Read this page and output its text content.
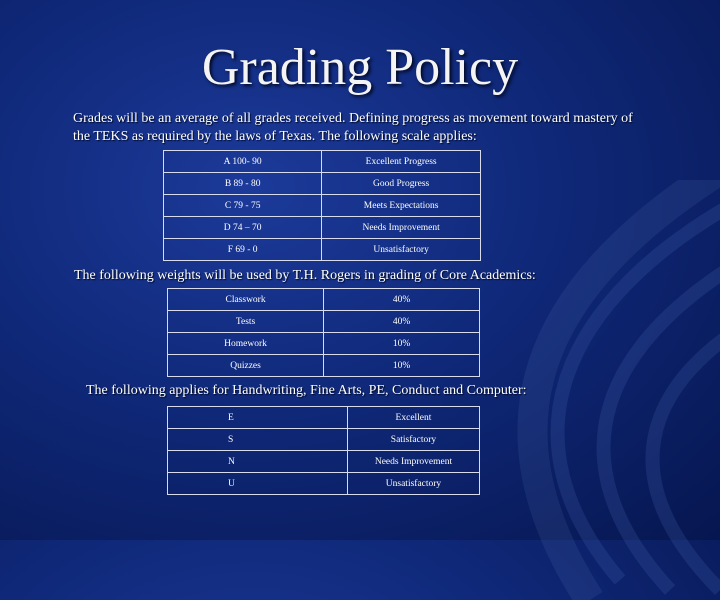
Grading Policy
Grades will be an average of all grades received. Defining progress as movement toward mastery of the TEKS as required by the laws of Texas. The following scale applies:
A 100- 90	Excellent Progress
B 89 - 80	Good Progress
C 79 - 75	Meets Expectations
D 74 – 70	Needs Improvement
F 69 - 0	Unsatisfactory
The following weights will be used by T.H. Rogers in grading of Core Academics:
Classwork	40%
Tests	40%
Homework	10%
Quizzes	10%
The following applies for Handwriting, Fine Arts, PE, Conduct and Computer:
E	Excellent
S	Satisfactory
N	Needs Improvement
U	Unsatisfactory
